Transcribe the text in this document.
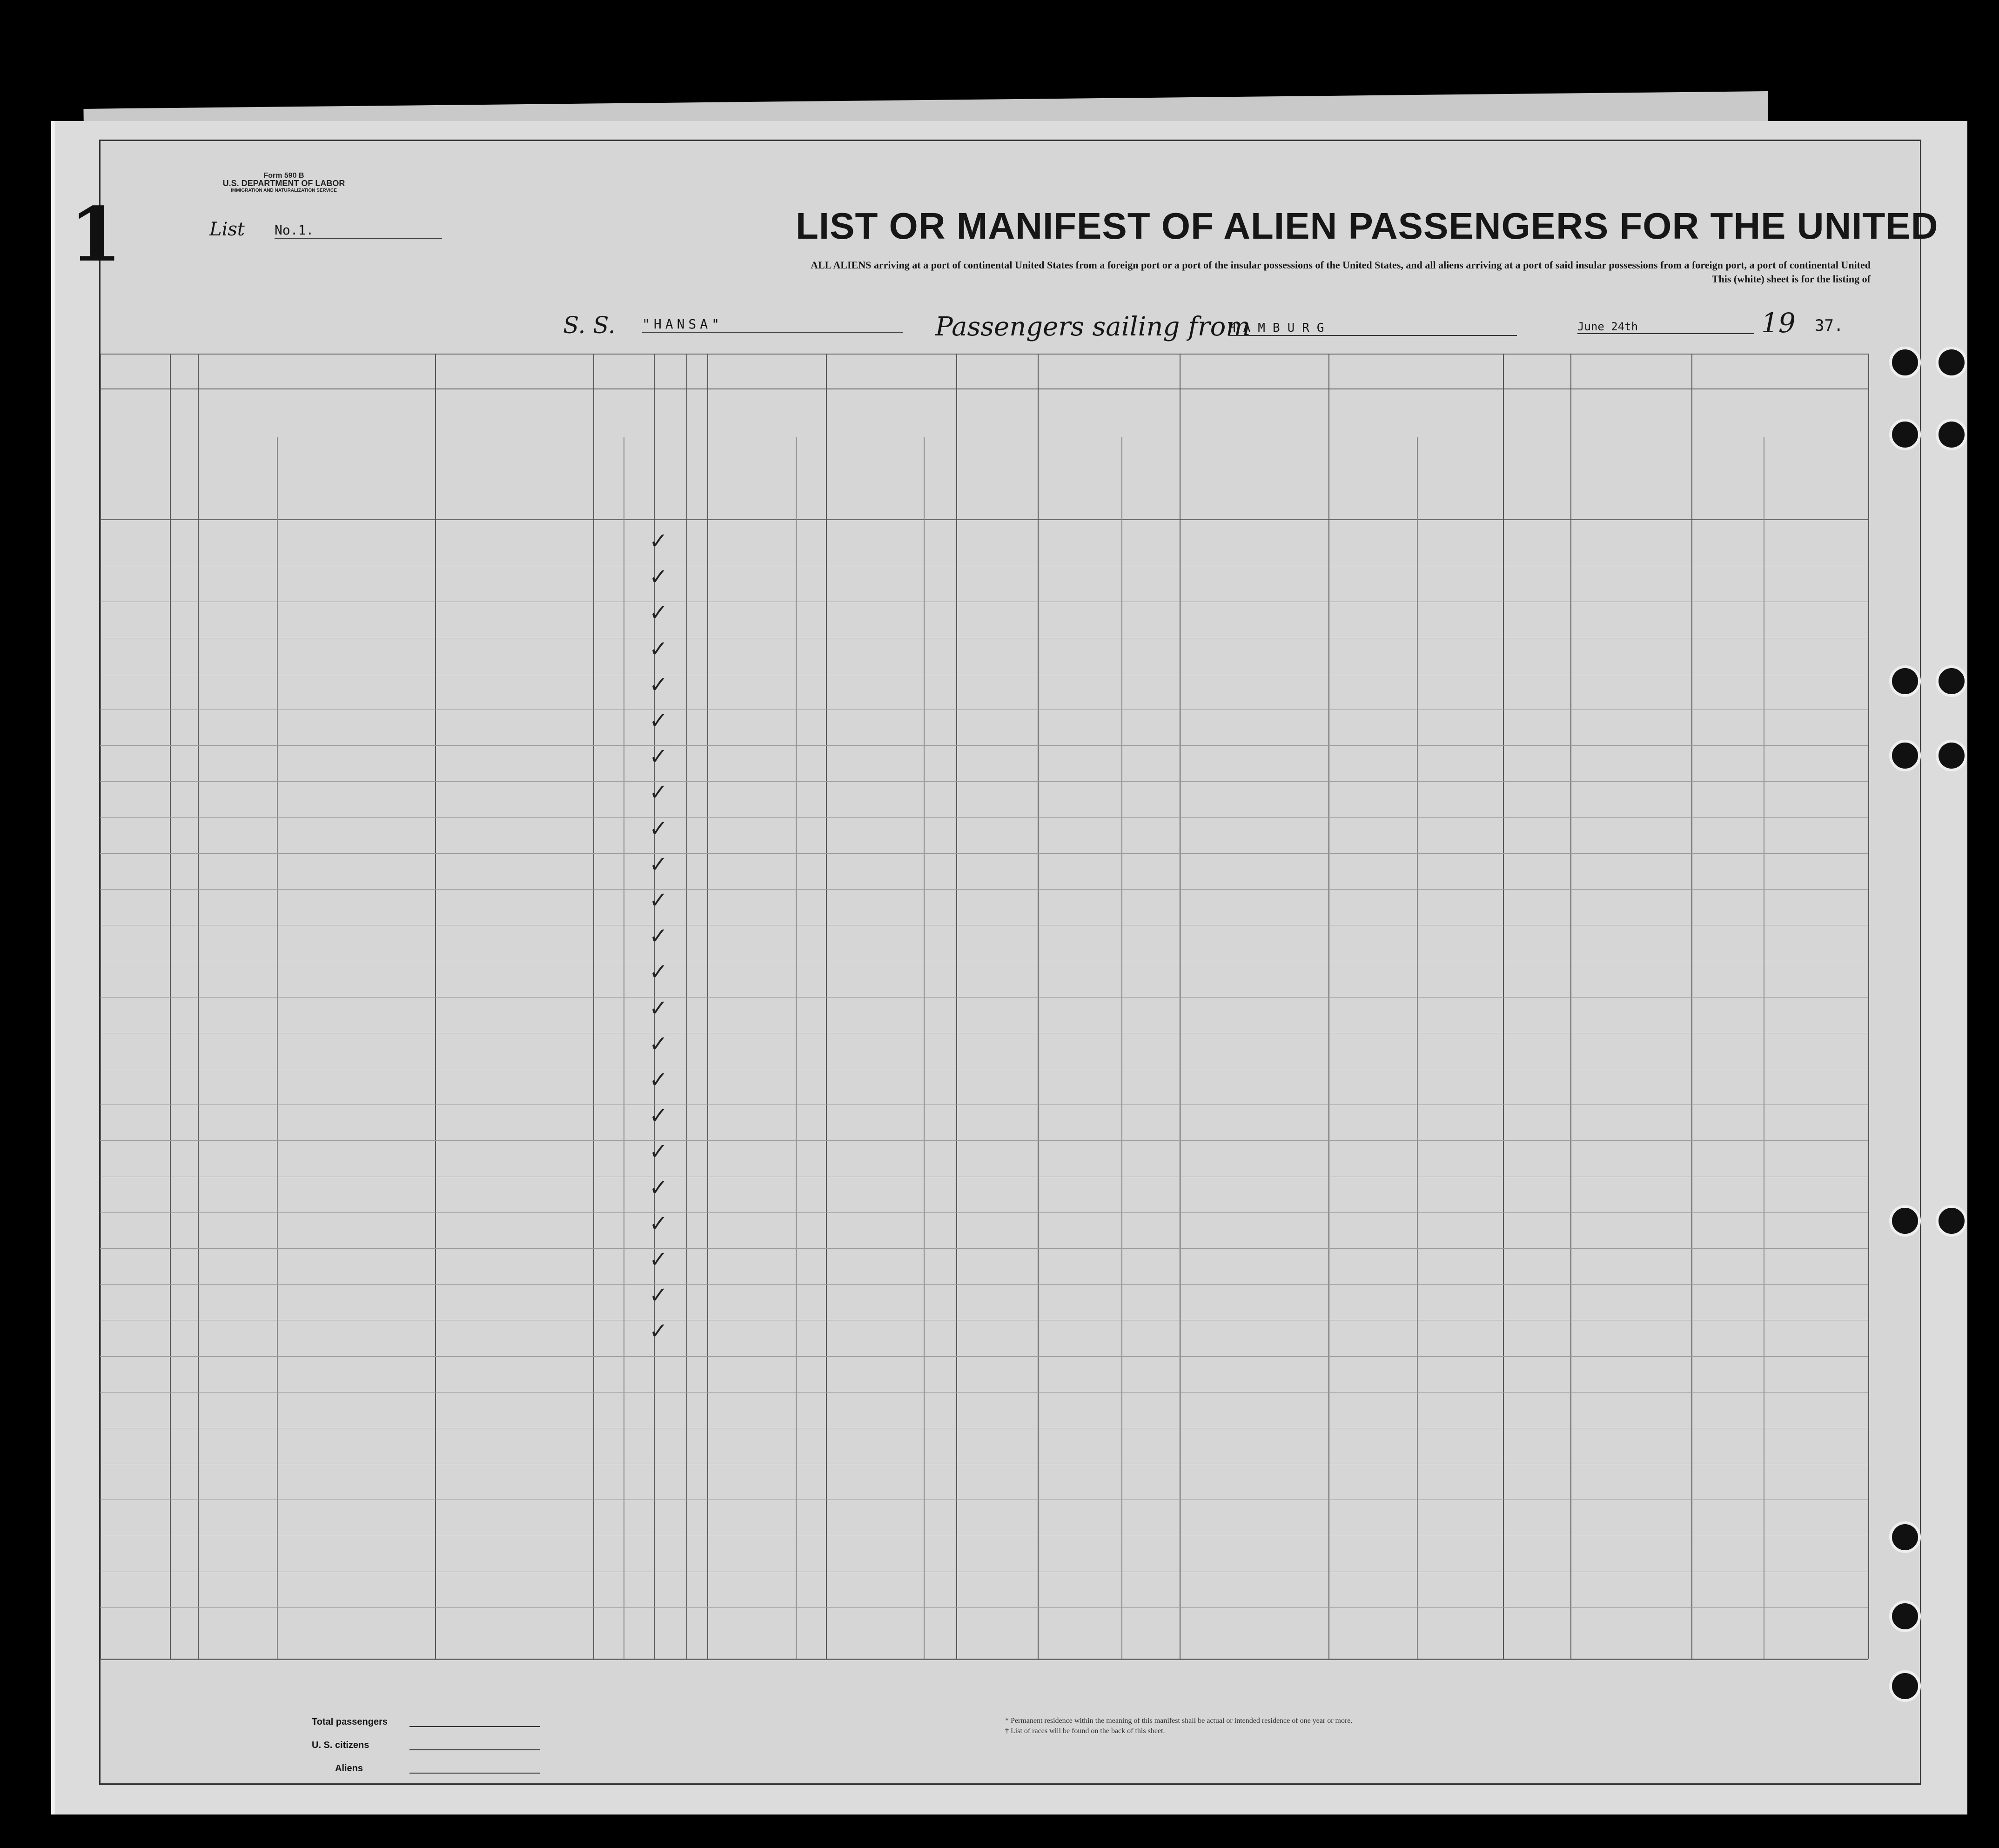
1
Form 590 B
U.S. DEPARTMENT OF LABOR
IMMIGRATION AND NATURALIZATION SERVICE
List No.1.	LIST OR MANIFEST OF ALIEN PASSENGERS FOR THE UNITED
ALL ALIENS arriving at a port of continental United States from a foreign port or a port of the insular possessions of the United States, and all aliens arriving at a port of said insular possessions from a foreign port, a port of continental United
This (white) sheet is for the listing of
S. S. "HANSA"	Passengers sailing from
HAMBURG	June 24th	19 37.
✓
✓
✓
✓
✓
✓
✓
✓
✓
✓
✓
✓
✓
✓
✓
✓
✓
✓
✓
✓
✓
✓
✓
Total passengers
U. S. citizens
Aliens
* Permanent residence within the meaning of this manifest shall be actual or intended residence of one year or more.
† List of races will be found on the back of this sheet.
